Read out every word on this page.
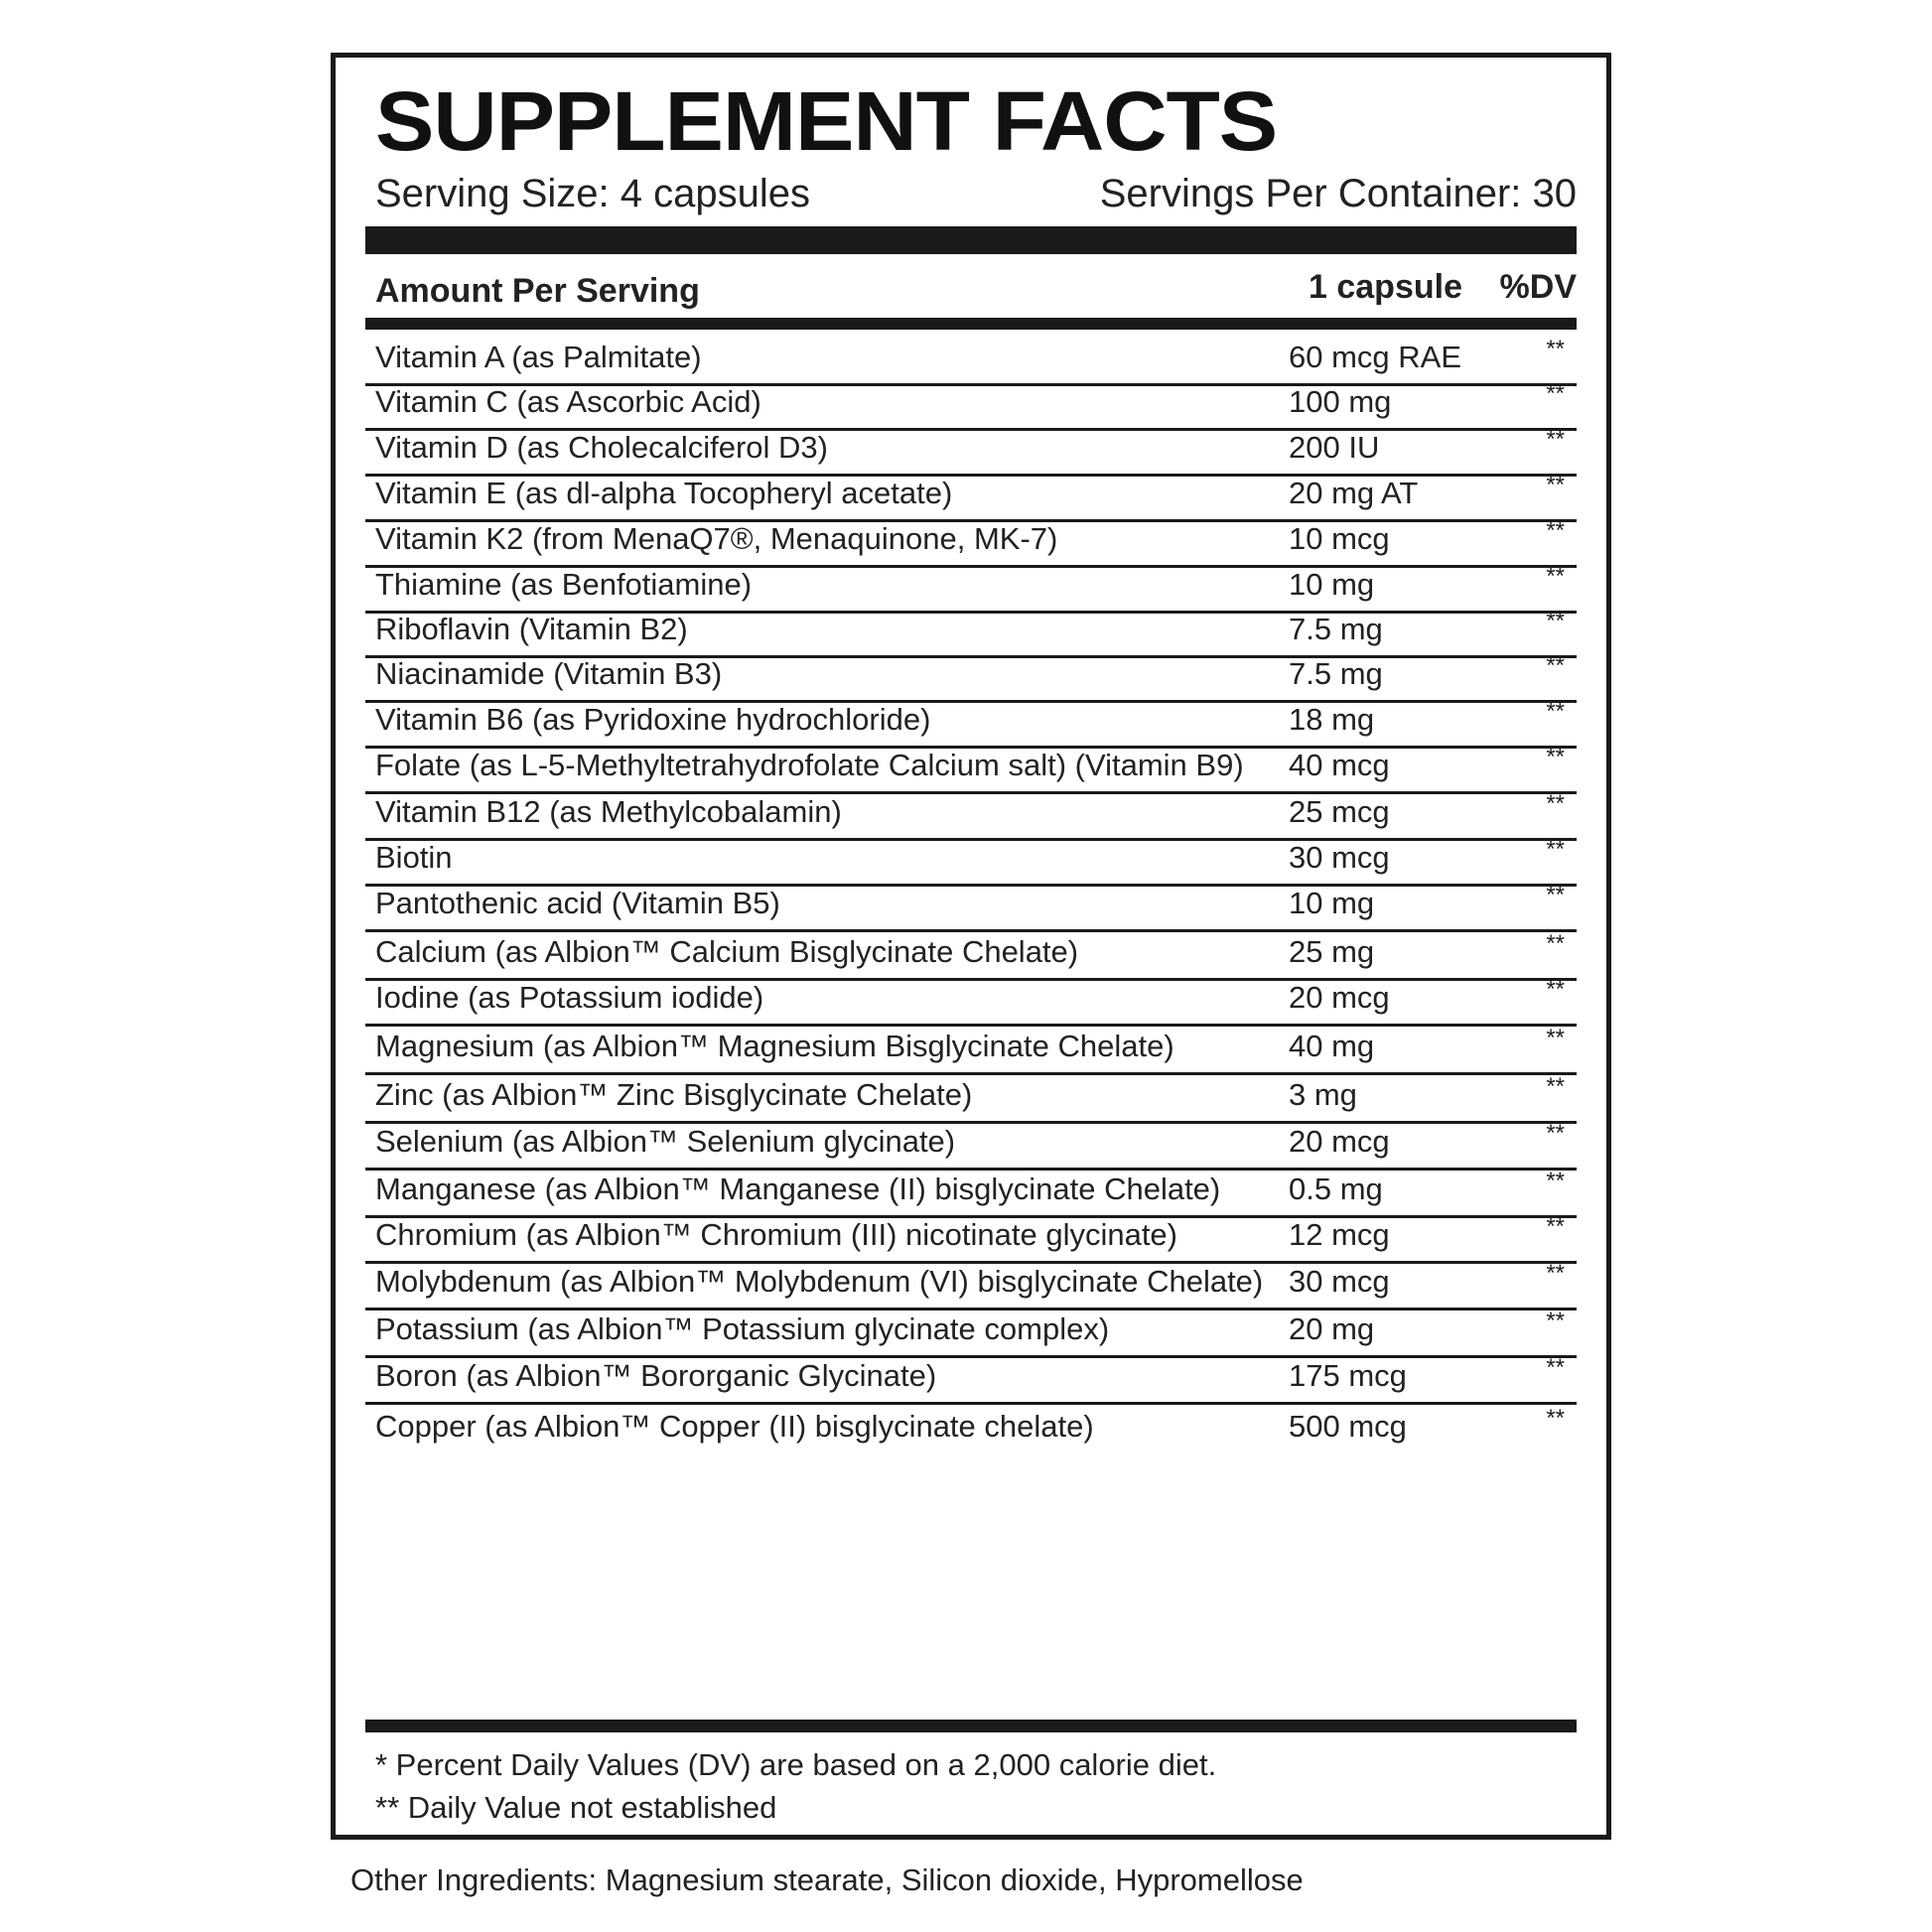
SUPPLEMENT FACTS
Serving Size: 4 capsules	Servings Per Container: 30
Amount Per Serving	1 capsule %DV
Vitamin A (as Palmitate)	60 mcg RAE	**
Vitamin C (as Ascorbic Acid)	100 mg	**
Vitamin D (as Cholecalciferol D3)	200 IU	**
Vitamin E (as dl-alpha Tocopheryl acetate)	20 mg AT	**
Vitamin K2 (from MenaQ7®, Menaquinone, MK-7)	10 mcg	**
Thiamine (as Benfotiamine)	10 mg	**
Riboflavin (Vitamin B2)	7.5 mg	**
Niacinamide (Vitamin B3)	7.5 mg	**
Vitamin B6 (as Pyridoxine hydrochloride)	18 mg	**
Folate (as L-5-Methyltetrahydrofolate Calcium salt) (Vitamin B9) 40 mcg	**
Vitamin B12 (as Methylcobalamin)	25 mcg	**
Biotin	30 mcg	**
Pantothenic acid (Vitamin B5)	10 mg	**
Calcium (as Albion™ Calcium Bisglycinate Chelate)	25 mg	**
Iodine (as Potassium iodide)	20 mcg	**
Magnesium (as Albion™ Magnesium Bisglycinate Chelate)	40 mg	**
Zinc (as Albion™ Zinc Bisglycinate Chelate)	3 mg	**
Selenium (as Albion™ Selenium glycinate)	20 mcg	**
Manganese (as Albion™ Manganese (II) bisglycinate Chelate) 0.5 mg	**
Chromium (as Albion™ Chromium (III) nicotinate glycinate)	12 mcg	**
Molybdenum (as Albion™ Molybdenum (VI) bisglycinate Chelate) 30 mcg	**
Potassium (as Albion™ Potassium glycinate complex)	20 mg	**
Boron (as Albion™ Bororganic Glycinate)	175 mcg	**
Copper (as Albion™ Copper (II) bisglycinate chelate)	500 mcg	**
* Percent Daily Values (DV) are based on a 2,000 calorie diet.
** Daily Value not established
Other Ingredients: Magnesium stearate, Silicon dioxide, Hypromellose
